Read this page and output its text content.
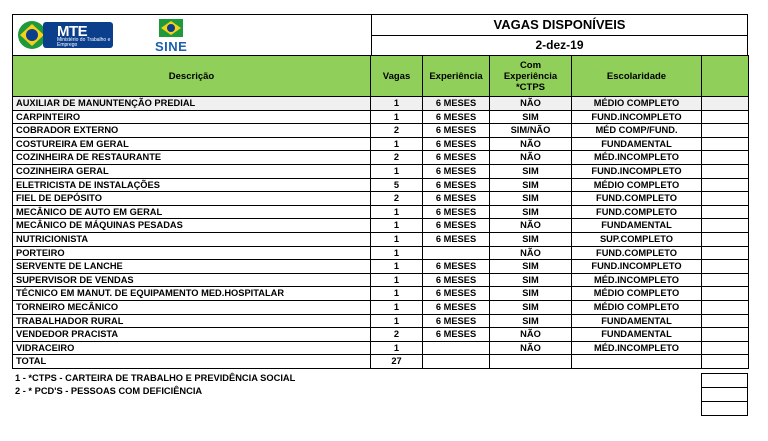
MTE
Ministério do Trabalho e Emprego	SINE
VAGAS DISPONÍVEIS
2-dez-19
Descrição	Vagas	Experiência	Com Experiência *CTPS	Escolaridade	
AUXILIAR DE MANUNTENÇÃO PREDIAL	1	6 MESES	NÃO	MÉDIO COMPLETO	
CARPINTEIRO	1	6 MESES	SIM	FUND.INCOMPLETO	
COBRADOR EXTERNO	2	6 MESES	SIM/NÃO	MÉD COMP/FUND.	
COSTUREIRA EM GERAL	1	6 MESES	NÃO	FUNDAMENTAL	
COZINHEIRA DE RESTAURANTE	2	6 MESES	NÃO	MÉD.INCOMPLETO	
COZINHEIRA GERAL	1	6 MESES	SIM	FUND.INCOMPLETO	
ELETRICISTA DE INSTALAÇÕES	5	6 MESES	SIM	MÉDIO COMPLETO	
FIEL DE DEPÓSITO	2	6 MESES	SIM	FUND.COMPLETO	
MECÂNICO DE AUTO EM GERAL	1	6 MESES	SIM	FUND.COMPLETO	
MECÂNICO DE MÁQUINAS PESADAS	1	6 MESES	NÃO	FUNDAMENTAL	
NUTRICIONISTA	1	6 MESES	SIM	SUP.COMPLETO	
PORTEIRO	1		NÃO	FUND.COMPLETO	
SERVENTE DE LANCHE	1	6 MESES	SIM	FUND.INCOMPLETO	
SUPERVISOR DE VENDAS	1	6 MESES	SIM	MÉD.INCOMPLETO	
TÉCNICO EM MANUT. DE EQUIPAMENTO MED.HOSPITALAR	1	6 MESES	SIM	MÉDIO COMPLETO	
TORNEIRO MECÂNICO	1	6 MESES	SIM	MÉDIO COMPLETO	
TRABALHADOR RURAL	1	6 MESES	SIM	FUNDAMENTAL	
VENDEDOR PRACISTA	2	6 MESES	NÃO	FUNDAMENTAL	
VIDRACEIRO	1		NÃO	MÉD.INCOMPLETO	
TOTAL	27				
1 - *CTPS - CARTEIRA DE TRABALHO E PREVIDÊNCIA SOCIAL
2 - * PCD'S - PESSOAS COM DEFICIÊNCIA
